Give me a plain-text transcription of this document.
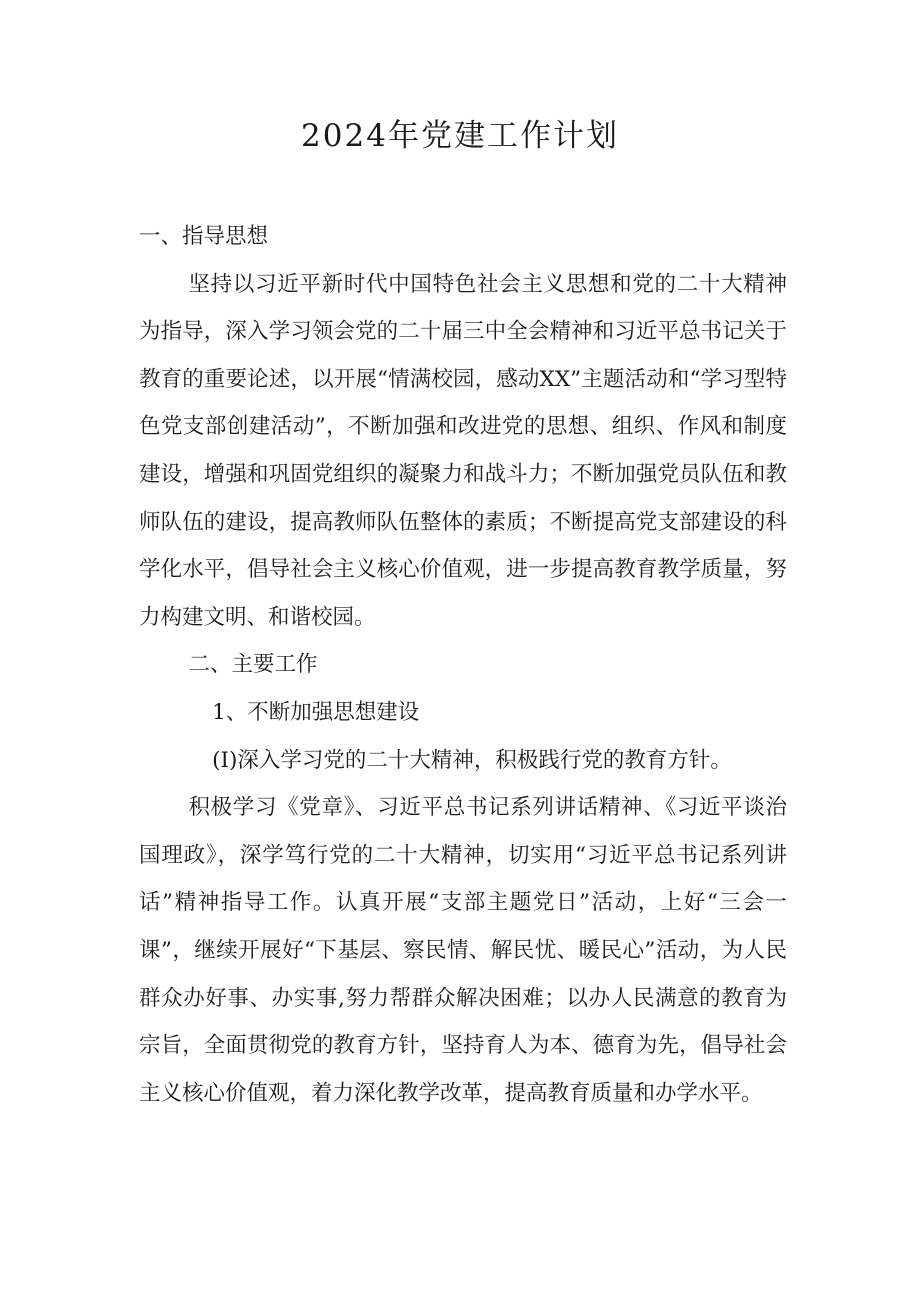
2024年党建工作计划

一、指导思想

坚持以习近平新时代中国特色社会主义思想和党的二十大精神为指导，深入学习领会党的二十届三中全会精神和习近平总书记关于教育的重要论述，以开展“情满校园，感动XX”主题活动和“学习型特色党支部创建活动”，不断加强和改进党的思想、组织、作风和制度建设，增强和巩固党组织的凝聚力和战斗力；不断加强党员队伍和教师队伍的建设，提高教师队伍整体的素质；不断提高党支部建设的科学化水平，倡导社会主义核心价值观，进一步提高教育教学质量，努力构建文明、和谐校园。

二、主要工作

1、不断加强思想建设

(I)深入学习党的二十大精神，积极践行党的教育方针。

积极学习《党章》、习近平总书记系列讲话精神、《习近平谈治国理政》，深学笃行党的二十大精神，切实用“习近平总书记系列讲话”精神指导工作。认真开展“支部主题党日”活动，上好“三会一课”，继续开展好“下基层、察民情、解民忧、暖民心”活动，为人民群众办好事、办实事,努力帮群众解决困难；以办人民满意的教育为宗旨，全面贯彻党的教育方针，坚持育人为本、德育为先，倡导社会主义核心价值观，着力深化教学改革，提高教育质量和办学水平。
